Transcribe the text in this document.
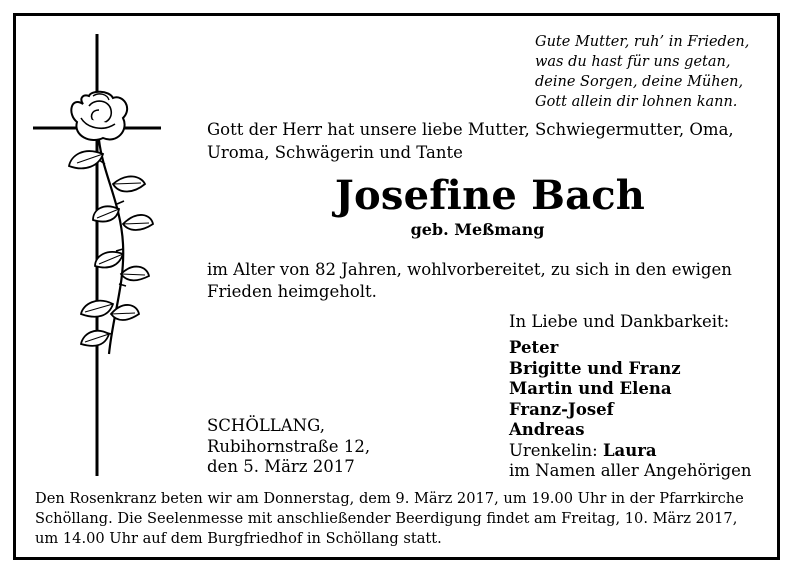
Gute Mutter, ruh’ in Frieden,
was du hast für uns getan,
deine Sorgen, deine Mühen,
Gott allein dir lohnen kann.
Gott der Herr hat unsere liebe Mutter, Schwiegermutter, Oma,
Uroma, Schwägerin und Tante
Josefine Bach
geb. Meßmang
im Alter von 82 Jahren, wohlvorbereitet, zu sich in den ewigen
Frieden heimgeholt.
In Liebe und Dankbarkeit:
Peter
Brigitte und Franz
Martin und Elena
Franz-Josef
Andreas
Urenkelin: Laura
im Namen aller Angehörigen
SCHÖLLANG,
Rubihornstraße 12,
den 5. März 2017
Den Rosenkranz beten wir am Donnerstag, dem 9. März 2017, um 19.00 Uhr in der Pfarrkirche
Schöllang. Die Seelenmesse mit anschließender Beerdigung findet am Freitag, 10. März 2017,
um 14.00 Uhr auf dem Burgfriedhof in Schöllang statt.
